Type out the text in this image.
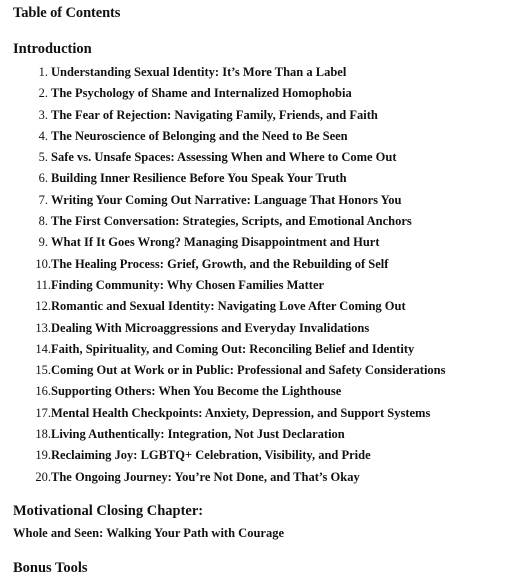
Table of Contents
Introduction
1. Understanding Sexual Identity: It’s More Than a Label
2. The Psychology of Shame and Internalized Homophobia
3. The Fear of Rejection: Navigating Family, Friends, and Faith
4. The Neuroscience of Belonging and the Need to Be Seen
5. Safe vs. Unsafe Spaces: Assessing When and Where to Come Out
6. Building Inner Resilience Before You Speak Your Truth
7. Writing Your Coming Out Narrative: Language That Honors You
8. The First Conversation: Strategies, Scripts, and Emotional Anchors
9. What If It Goes Wrong? Managing Disappointment and Hurt
10. The Healing Process: Grief, Growth, and the Rebuilding of Self
11. Finding Community: Why Chosen Families Matter
12. Romantic and Sexual Identity: Navigating Love After Coming Out
13. Dealing With Microaggressions and Everyday Invalidations
14. Faith, Spirituality, and Coming Out: Reconciling Belief and Identity
15. Coming Out at Work or in Public: Professional and Safety Considerations
16. Supporting Others: When You Become the Lighthouse
17. Mental Health Checkpoints: Anxiety, Depression, and Support Systems
18. Living Authentically: Integration, Not Just Declaration
19. Reclaiming Joy: LGBTQ+ Celebration, Visibility, and Pride
20. The Ongoing Journey: You’re Not Done, and That’s Okay
Motivational Closing Chapter:
Whole and Seen: Walking Your Path with Courage
Bonus Tools
